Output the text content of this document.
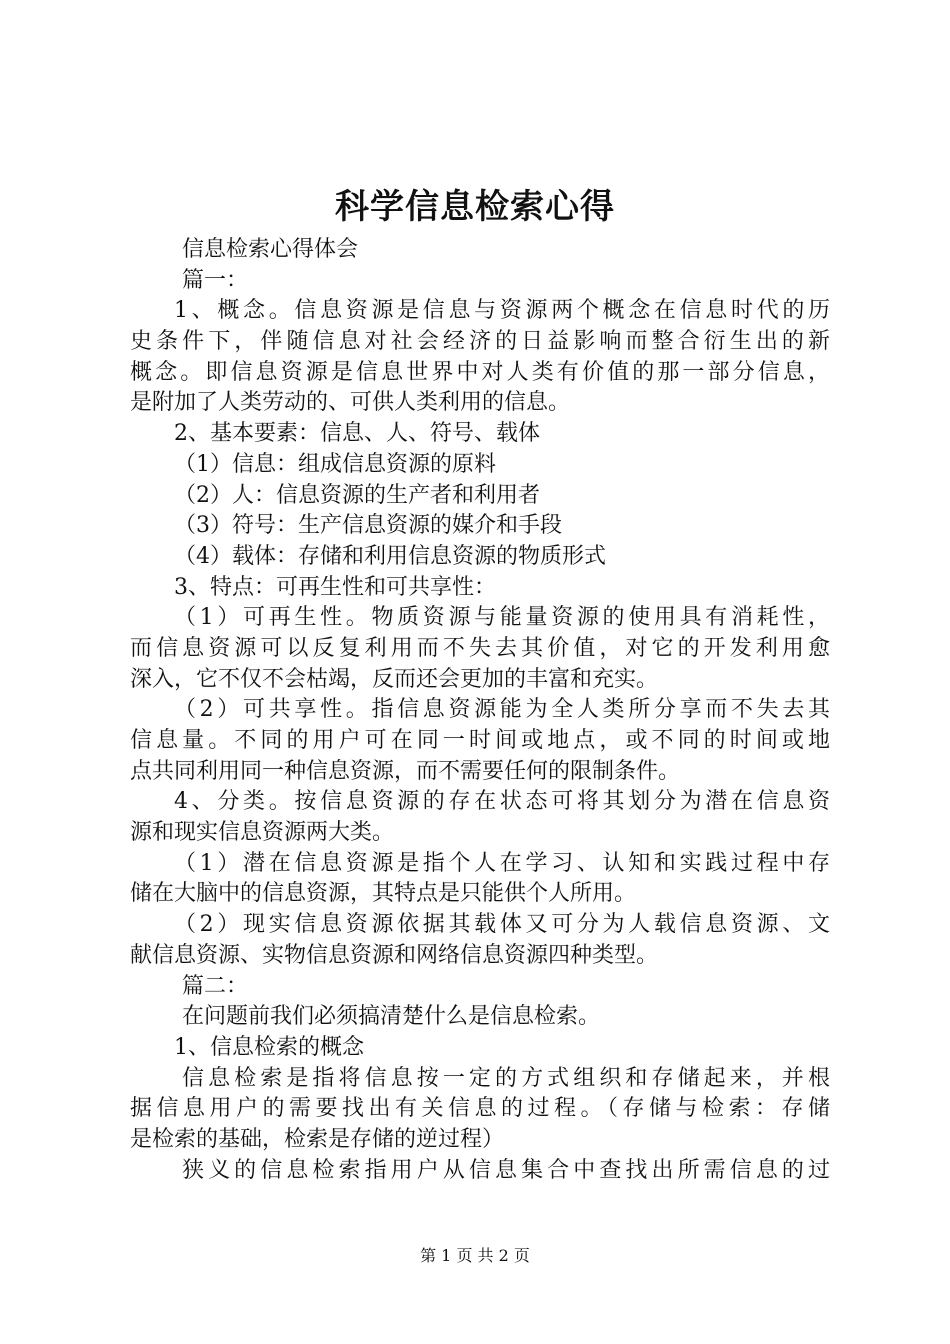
科学信息检索心得
信息检索心得体会
篇一：
1、概念。信息资源是信息与资源两个概念在信息时代的历
史条件下，伴随信息对社会经济的日益影响而整合衍生出的新
概念。即信息资源是信息世界中对人类有价值的那一部分信息，
是附加了人类劳动的、可供人类利用的信息。
2、基本要素：信息、人、符号、载体
（1）信息：组成信息资源的原料
（2）人：信息资源的生产者和利用者
（3）符号：生产信息资源的媒介和手段
（4）载体：存储和利用信息资源的物质形式
3、特点：可再生性和可共享性：
（1）可再生性。物质资源与能量资源的使用具有消耗性，
而信息资源可以反复利用而不失去其价值，对它的开发利用愈
深入，它不仅不会枯竭，反而还会更加的丰富和充实。
（2）可共享性。指信息资源能为全人类所分享而不失去其
信息量。不同的用户可在同一时间或地点，或不同的时间或地
点共同利用同一种信息资源，而不需要任何的限制条件。
4、分类。按信息资源的存在状态可将其划分为潜在信息资
源和现实信息资源两大类。
（1）潜在信息资源是指个人在学习、认知和实践过程中存
储在大脑中的信息资源，其特点是只能供个人所用。
（2）现实信息资源依据其载体又可分为人载信息资源、文
献信息资源、实物信息资源和网络信息资源四种类型。
篇二：
在问题前我们必须搞清楚什么是信息检索。
1、信息检索的概念
信息检索是指将信息按一定的方式组织和存储起来，并根
据信息用户的需要找出有关信息的过程。（存储与检索：存储
是检索的基础，检索是存储的逆过程）
狭义的信息检索指用户从信息集合中查找出所需信息的过
第 1 页 共 2 页
